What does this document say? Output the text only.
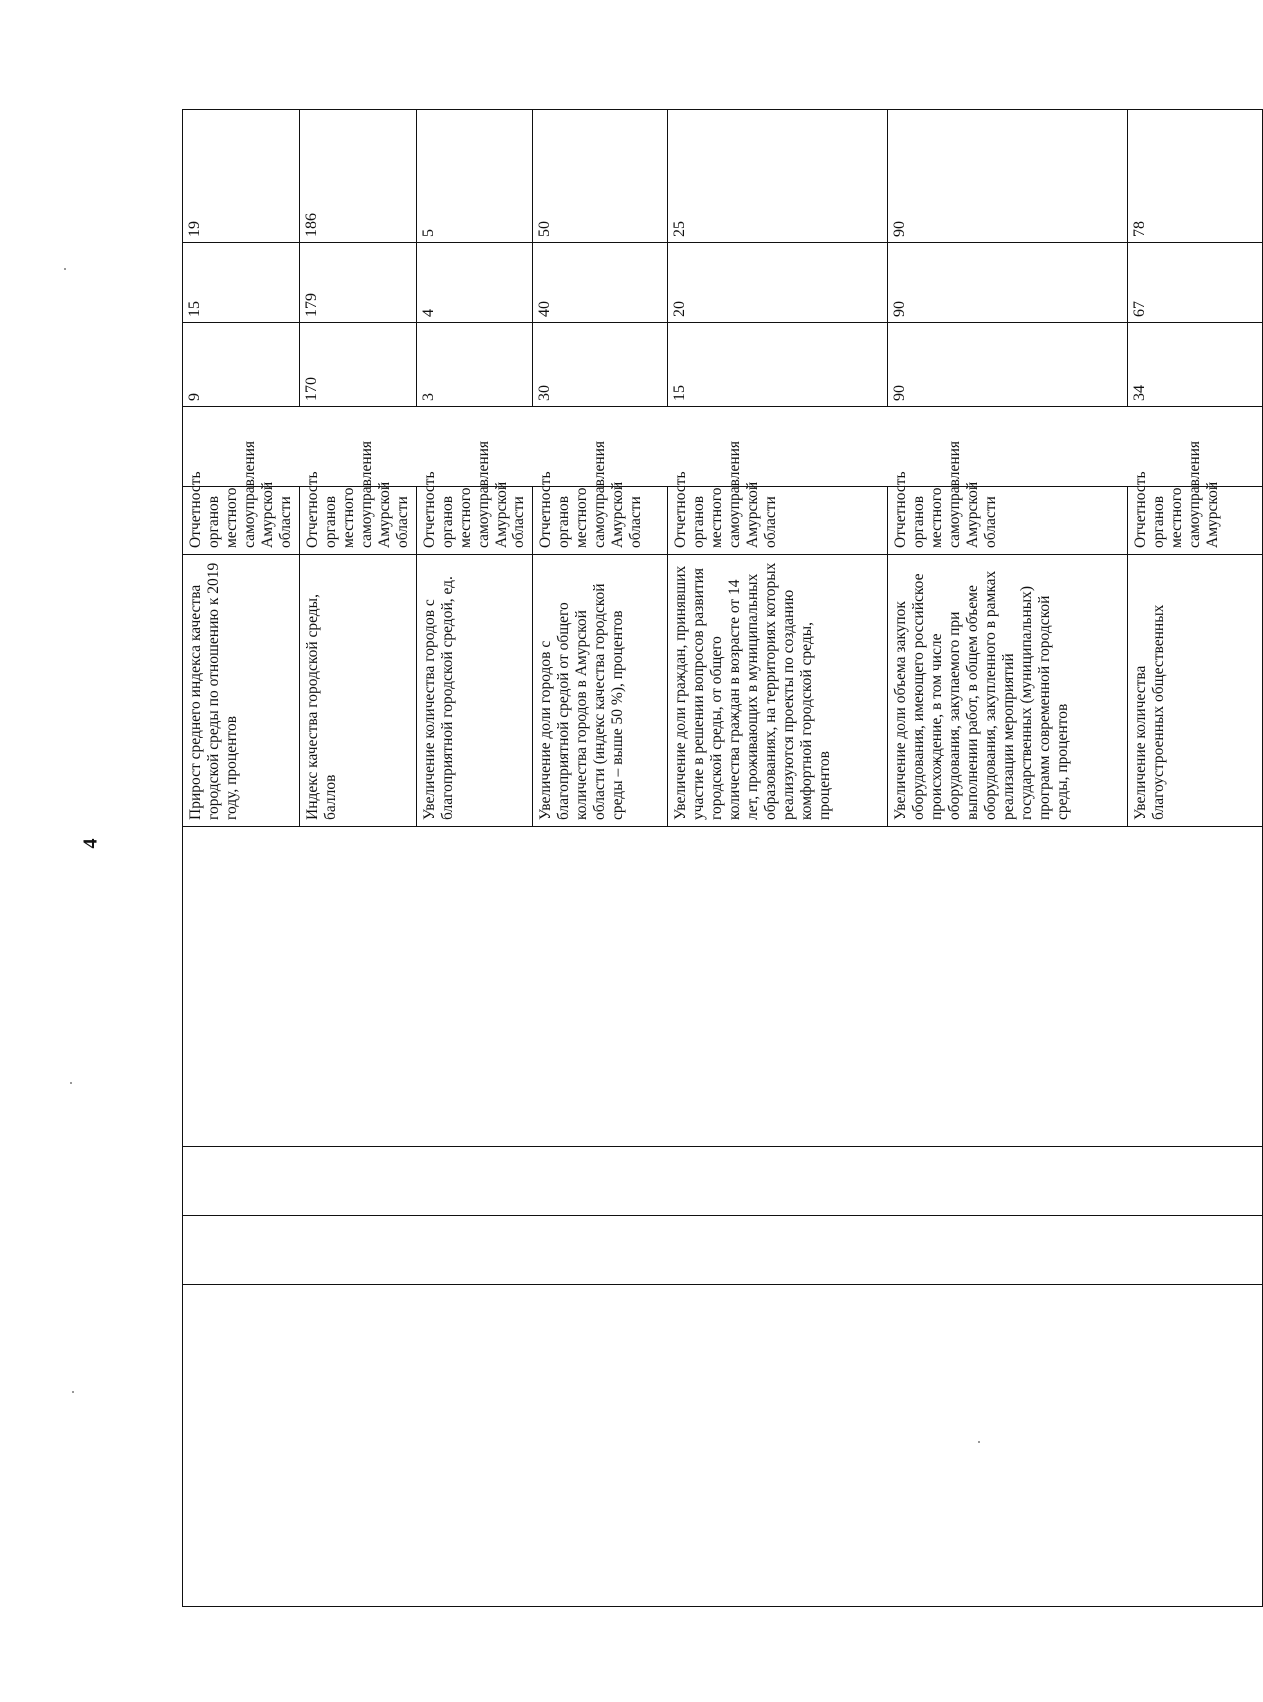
4
				Прирост среднего индекса качества городской среды по отношению к 2019 году, процентов	Отчетность органов местного самоуправления Амурской области		9	15	19		
				Индекс качества городской среды, баллов	Отчетность органов местного самоуправления Амурской области		170	179	186		
				Увеличение количества городов с благоприятной городской средой, ед.	Отчетность органов местного самоуправления Амурской области		3	4	5		
				Увеличение доли городов с благоприятной средой от общего количества городов в Амурской области (индекс качества городской среды – выше 50 %), процентов	Отчетность органов местного самоуправления Амурской области		30	40	50		
				Увеличение доли граждан, принявших участие в решении вопросов развития городской среды, от общего количества граждан в возрасте от 14 лет, проживающих в муниципальных образованиях, на территориях которых реализуются проекты по созданию комфортной городской среды, процентов	Отчетность органов местного самоуправления Амурской области		15	20	25		
				Увеличение доли объема закупок оборудования, имеющего российское происхождение, в том числе оборудования, закупаемого при выполнении работ, в общем объеме оборудования, закупленного в рамках реализации мероприятий государственных (муниципальных) программ современной городской среды, процентов	Отчетность органов местного самоуправления Амурской области		90	90	90		
				Увеличение количества благоустроенных общественных	Отчетность органов местного самоуправления Амурской		34	67	78		
